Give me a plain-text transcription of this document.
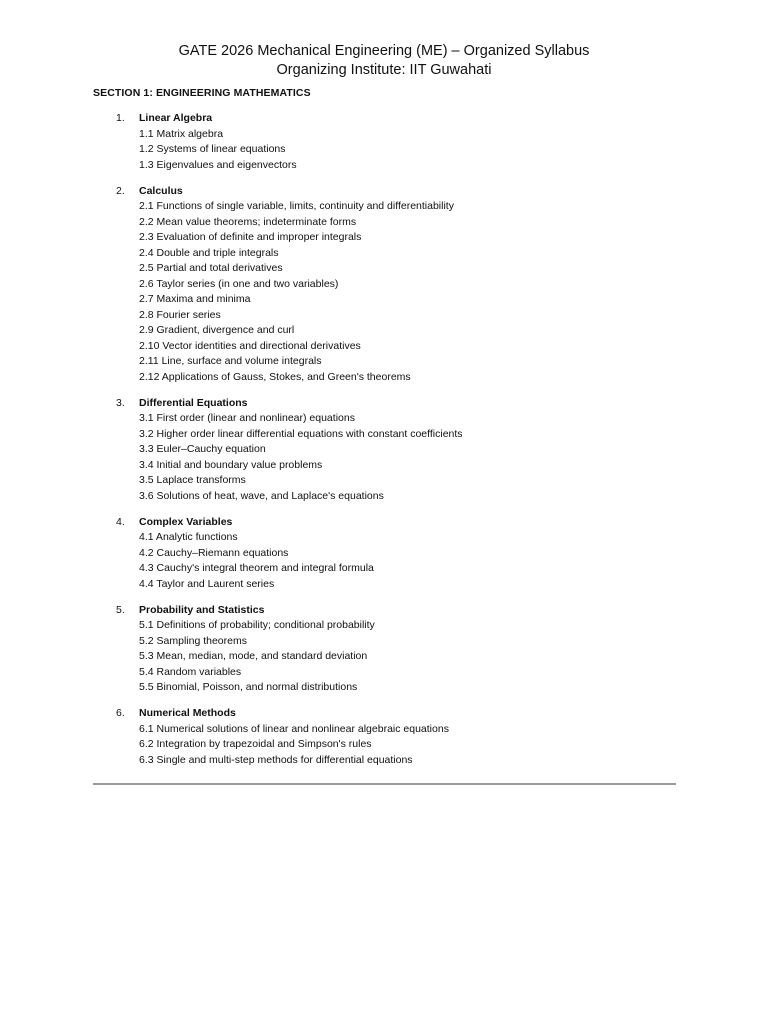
GATE 2026 Mechanical Engineering (ME) – Organized Syllabus
Organizing Institute: IIT Guwahati
SECTION 1: ENGINEERING MATHEMATICS
1. Linear Algebra
1.1 Matrix algebra
1.2 Systems of linear equations
1.3 Eigenvalues and eigenvectors
2. Calculus
2.1 Functions of single variable, limits, continuity and differentiability
2.2 Mean value theorems; indeterminate forms
2.3 Evaluation of definite and improper integrals
2.4 Double and triple integrals
2.5 Partial and total derivatives
2.6 Taylor series (in one and two variables)
2.7 Maxima and minima
2.8 Fourier series
2.9 Gradient, divergence and curl
2.10 Vector identities and directional derivatives
2.11 Line, surface and volume integrals
2.12 Applications of Gauss, Stokes, and Green's theorems
3. Differential Equations
3.1 First order (linear and nonlinear) equations
3.2 Higher order linear differential equations with constant coefficients
3.3 Euler–Cauchy equation
3.4 Initial and boundary value problems
3.5 Laplace transforms
3.6 Solutions of heat, wave, and Laplace's equations
4. Complex Variables
4.1 Analytic functions
4.2 Cauchy–Riemann equations
4.3 Cauchy's integral theorem and integral formula
4.4 Taylor and Laurent series
5. Probability and Statistics
5.1 Definitions of probability; conditional probability
5.2 Sampling theorems
5.3 Mean, median, mode, and standard deviation
5.4 Random variables
5.5 Binomial, Poisson, and normal distributions
6. Numerical Methods
6.1 Numerical solutions of linear and nonlinear algebraic equations
6.2 Integration by trapezoidal and Simpson's rules
6.3 Single and multi-step methods for differential equations
